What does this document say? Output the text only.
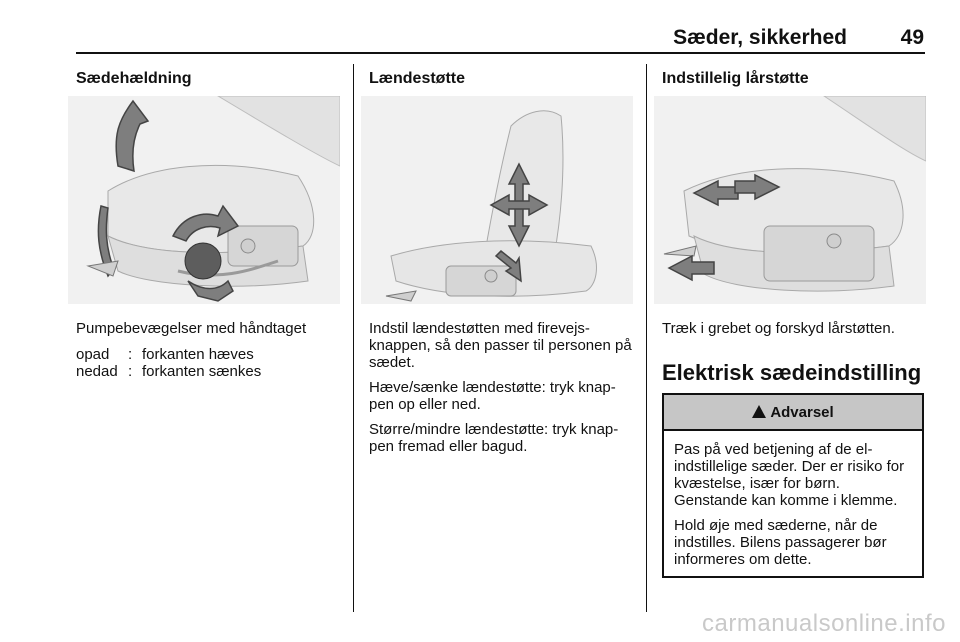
Sæder, sikkerhed	49
Sædehældning
Pumpebevægelser med håndtaget
opad	: forkanten hæves
nedad : forkanten sænkes
Lændestøtte

Indstil lændestøtten med firevejs-knappen, så den passer til personen på sædet.

Hæve/sænke lændestøtte: tryk knap-pen op eller ned.

Større/mindre lændestøtte: tryk knap-pen fremad eller bagud.

Indstillelig lårstøtte
Træk i grebet og forskyd lårstøtten.
Elektrisk sædeindstilling
Advarsel

Pas på ved betjening af de el-indstillelige sæder. Der er risiko for kvæstelse, især for børn. Genstande kan komme i klemme.

Hold øje med sæderne, når de indstilles. Bilens passagerer bør informeres om dette.

carmanualsonline.info
